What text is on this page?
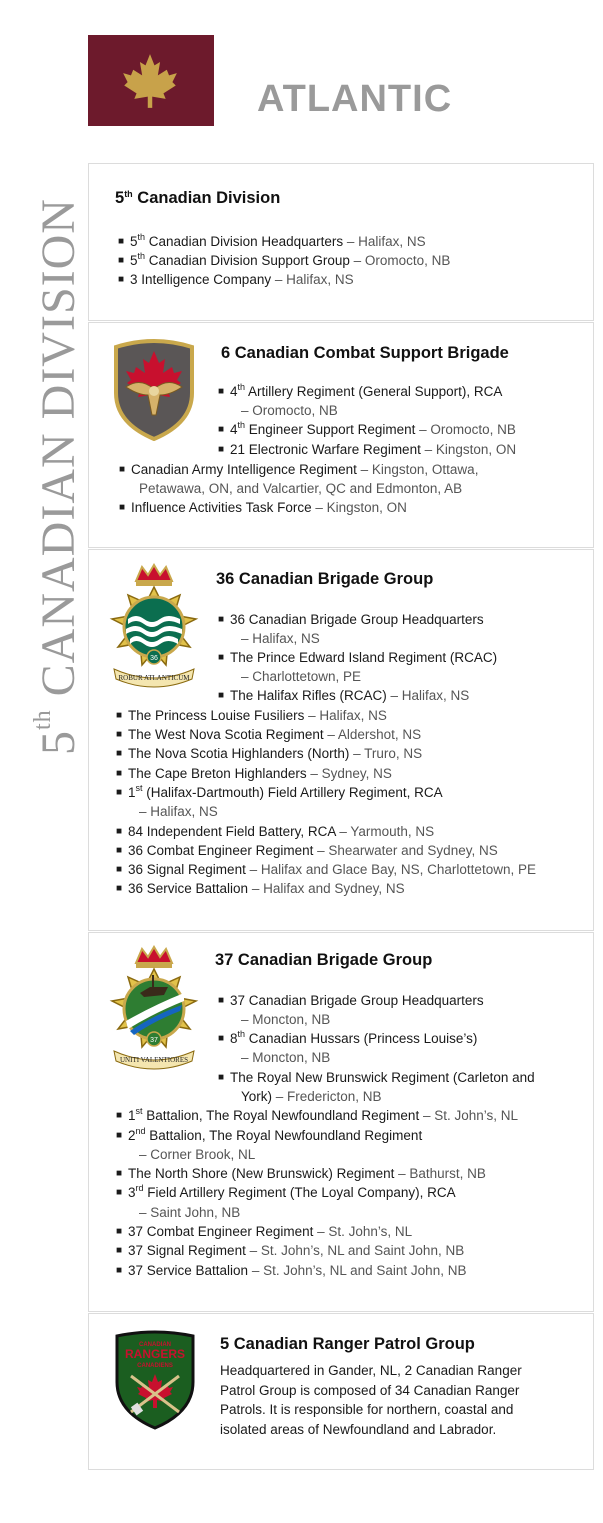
ATLANTIC
5th CANADIAN DIVISION
5th Canadian Division
■ 5th Canadian Division Headquarters – Halifax, NS
■ 5th Canadian Division Support Group – Oromocto, NB
■ 3 Intelligence Company – Halifax, NS
6 Canadian Combat Support Brigade
■ 4th Artillery Regiment (General Support), RCA
– Oromocto, NB
■ 4th Engineer Support Regiment – Oromocto, NB
■ 21 Electronic Warfare Regiment – Kingston, ON
■ Canadian Army Intelligence Regiment – Kingston, Ottawa,
Petawawa, ON, and Valcartier, QC and Edmonton, AB
■ Influence Activities Task Force – Kingston, ON
36
ROBUR ATLANTICUM
36 Canadian Brigade Group
■ 36 Canadian Brigade Group Headquarters
– Halifax, NS
■ The Prince Edward Island Regiment (RCAC)
– Charlottetown, PE
■ The Halifax Rifles (RCAC) – Halifax, NS
■ The Princess Louise Fusiliers – Halifax, NS
■ The West Nova Scotia Regiment – Aldershot, NS
■ The Nova Scotia Highlanders (North) – Truro, NS
■ The Cape Breton Highlanders – Sydney, NS
■ 1st (Halifax-Dartmouth) Field Artillery Regiment, RCA
– Halifax, NS
■ 84 Independent Field Battery, RCA – Yarmouth, NS
■ 36 Combat Engineer Regiment – Shearwater and Sydney, NS
■ 36 Signal Regiment – Halifax and Glace Bay, NS, Charlottetown, PE
■ 36 Service Battalion – Halifax and Sydney, NS
37
UNITI VALENTIORES
37 Canadian Brigade Group
■ 37 Canadian Brigade Group Headquarters
– Moncton, NB
■ 8th Canadian Hussars (Princess Louise’s)
– Moncton, NB
■ The Royal New Brunswick Regiment (Carleton and
York) – Fredericton, NB
■ 1st Battalion, The Royal Newfoundland Regiment – St. John’s, NL
■ 2nd Battalion, The Royal Newfoundland Regiment
– Corner Brook, NL
■ The North Shore (New Brunswick) Regiment – Bathurst, NB
■ 3rd Field Artillery Regiment (The Loyal Company), RCA
– Saint John, NB
■ 37 Combat Engineer Regiment – St. John’s, NL
■ 37 Signal Regiment – St. John’s, NL and Saint John, NB
■ 37 Service Battalion – St. John’s, NL and Saint John, NB
CANADIAN
RANGERS
CANADIENS
5 Canadian Ranger Patrol Group
Headquartered in Gander, NL, 2 Canadian Ranger
Patrol Group is composed of 34 Canadian Ranger
Patrols. It is responsible for northern, coastal and
isolated areas of Newfoundland and Labrador.
